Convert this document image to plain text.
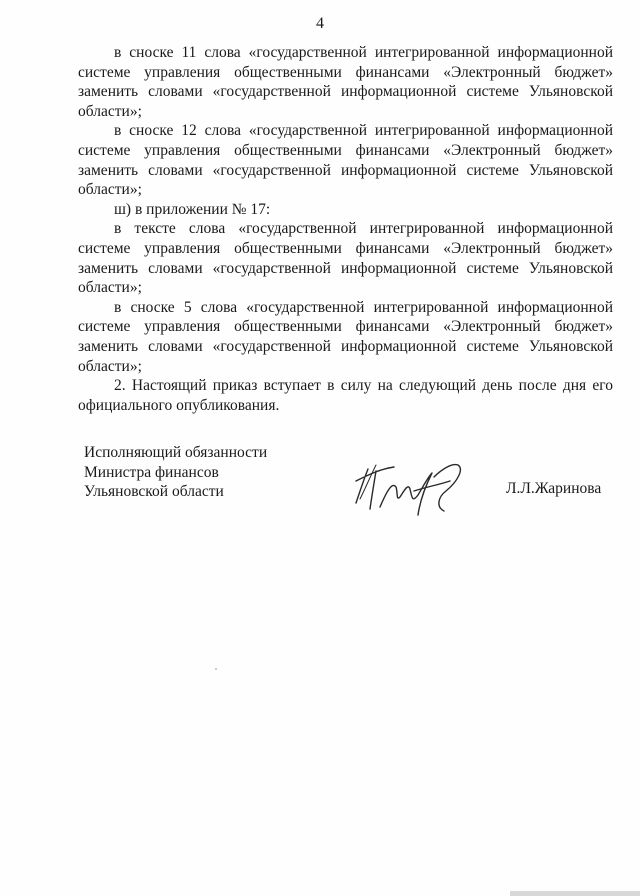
4

в сноске 11 слова «государственной интегрированной информационной системе управления общественными финансами «Электронный бюджет» заменить словами «государственной информационной системе Ульяновской области»;

в сноске 12 слова «государственной интегрированной информационной системе управления общественными финансами «Электронный бюджет» заменить словами «государственной информационной системе Ульяновской области»;

ш) в приложении № 17:

в тексте слова «государственной интегрированной информационной системе управления общественными финансами «Электронный бюджет» заменить словами «государственной информационной системе Ульяновской области»;

в сноске 5 слова «государственной интегрированной информационной системе управления общественными финансами «Электронный бюджет» заменить словами «государственной информационной системе Ульяновской области»;

2. Настоящий приказ вступает в силу на следующий день после дня его официального опубликования.

Исполняющий обязанности
Министра финансов
Ульяновской области	Л.Л.Жаринова
